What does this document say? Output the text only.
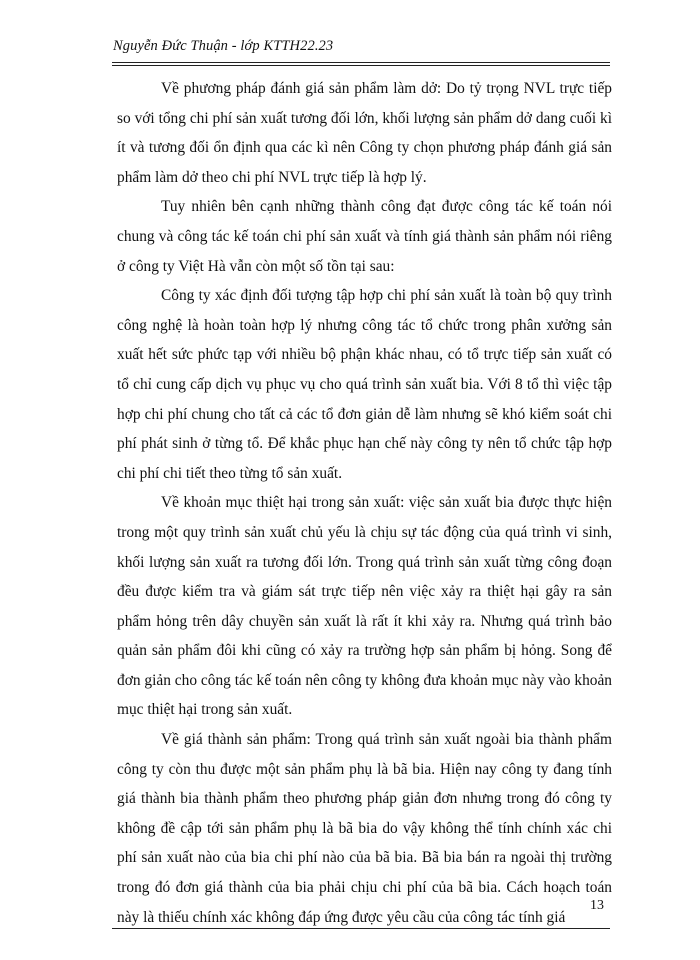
Nguyễn Đức Thuận - lớp KTTH22.23

Về phương pháp đánh giá sản phẩm làm dở: Do tỷ trọng NVL trực tiếp so với tổng chi phí sản xuất tương đối lớn, khối lượng sản phẩm dở dang cuối kì ít và tương đối ổn định qua các kì nên Công ty chọn phương pháp đánh giá sản phẩm làm dở theo chi phí NVL trực tiếp là hợp lý.

Tuy nhiên bên cạnh những thành công đạt được công tác kế toán nói chung và công tác kế toán chi phí sản xuất và tính giá thành sản phẩm nói riêng ở công ty Việt Hà vẫn còn một số tồn tại sau:

Công ty xác định đối tượng tập hợp chi phí sản xuất là toàn bộ quy trình công nghệ là hoàn toàn hợp lý nhưng công tác tổ chức trong phân xưởng sản xuất hết sức phức tạp với nhiều bộ phận khác nhau, có tổ trực tiếp sản xuất có tổ chỉ cung cấp dịch vụ phục vụ cho quá trình sản xuất bia. Với 8 tổ thì việc tập hợp chi phí chung cho tất cả các tổ đơn giản dễ làm nhưng sẽ khó kiểm soát chi phí phát sinh ở từng tổ. Để khắc phục hạn chế này công ty nên tổ chức tập hợp chi phí chi tiết theo từng tổ sản xuất.

Về khoản mục thiệt hại trong sản xuất: việc sản xuất bia được thực hiện trong một quy trình sản xuất chủ yếu là chịu sự tác động của quá trình vi sinh, khối lượng sản xuất ra tương đối lớn. Trong quá trình sản xuất từng công đoạn đều được kiểm tra và giám sát trực tiếp nên việc xảy ra thiệt hại gây ra sản phẩm hỏng trên dây chuyền sản xuất là rất ít khi xảy ra. Nhưng quá trình bảo quản sản phẩm đôi khi cũng có xảy ra trường hợp sản phẩm bị hỏng. Song để đơn giản cho công tác kế toán nên công ty không đưa khoản mục này vào khoản mục thiệt hại trong sản xuất.

Về giá thành sản phẩm: Trong quá trình sản xuất ngoài bia thành phẩm công ty còn thu được một sản phẩm phụ là bã bia. Hiện nay công ty đang tính giá thành bia thành phẩm theo phương pháp giản đơn nhưng trong đó công ty không đề cập tới sản phẩm phụ là bã bia do vậy không thể tính chính xác chi phí sản xuất nào của bia chi phí nào của bã bia. Bã bia bán ra ngoài thị trường trong đó đơn giá thành của bia phải chịu chi phí của bã bia. Cách hoạch toán này là thiếu chính xác không đáp ứng được yêu cầu của công tác tính giá

13
